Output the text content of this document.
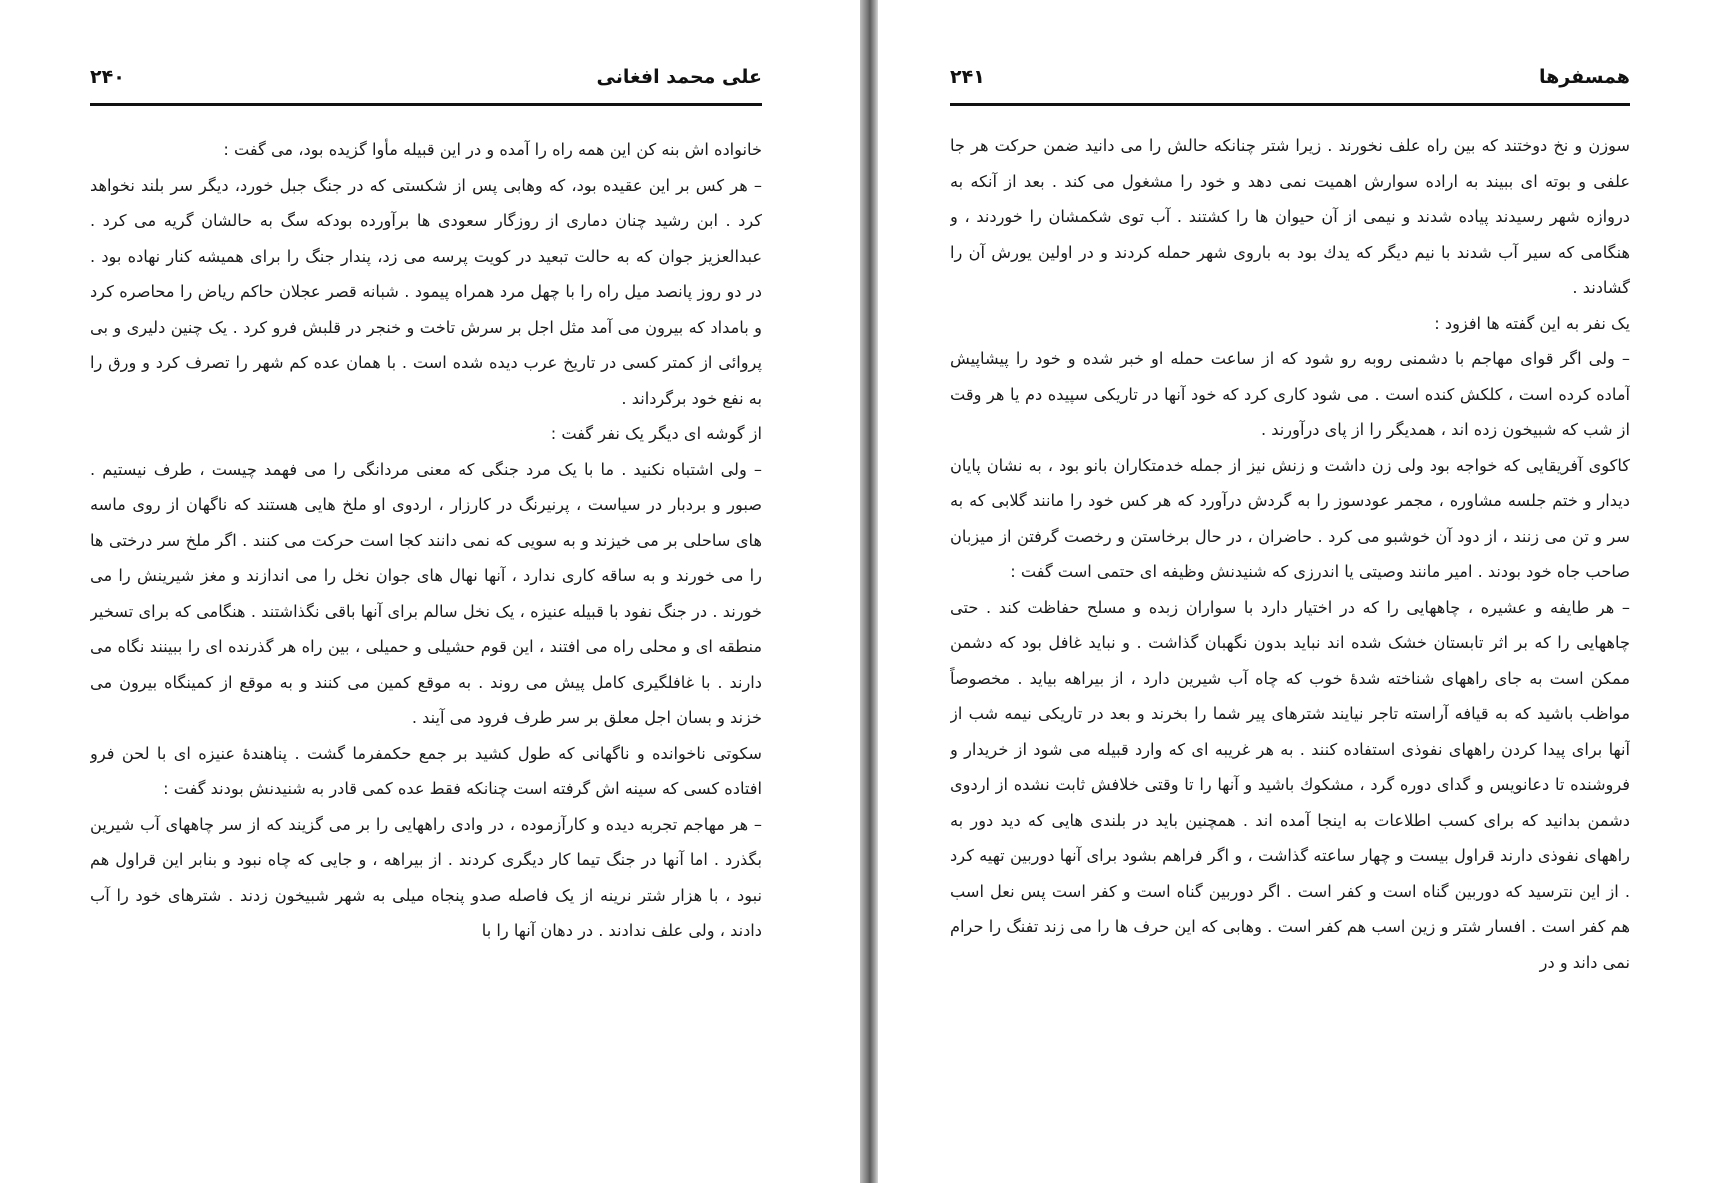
علی محمد افغانی
۲۴۰

خانواده اش بنه کن این همه راه را آمده و در این قبیله مأوا گزیده بود، می گفت :

– هر کس بر این عقیده بود، که وهابی پس از شکستی که در جنگ جبل خورد، دیگر سر بلند نخواهد کرد . ابن رشید چنان دماری از روزگار سعودی ها برآورده بودکه سگ به حالشان گریه می کرد . عبدالعزیز جوان که به حالت تبعید در کویت پرسه می زد، پندار جنگ را برای همیشه کنار نهاده بود . در دو روز پانصد میل راه را با چهل مرد همراه پیمود . شبانه قصر عجلان حاکم ریاض را محاصره کرد و بامداد که بیرون می آمد مثل اجل بر سرش تاخت و خنجر در قلبش فرو کرد . یک چنین دلیری و بی پروائی از کمتر کسی در تاریخ عرب دیده شده است . با همان عده کم شهر را تصرف کرد و ورق را به نفع خود برگرداند .

از گوشه ای دیگر یک نفر گفت :

– ولی اشتباه نکنید . ما با یک مرد جنگی که معنی مردانگی را می فهمد چیست ، طرف نیستیم . صبور و بردبار در سیاست ، پرنیرنگ در کارزار ، اردوی او ملخ هایی هستند که ناگهان از روی ماسه های ساحلی بر می خیزند و به سویی که نمی دانند کجا است حرکت می کنند . اگر ملخ سر درختی ها را می خورند و به ساقه کاری ندارد ، آنها نهال های جوان نخل را می اندازند و مغز شیرینش را می خورند . در جنگ نفود با قبیله عنیزه ، یک نخل سالم برای آنها باقی نگذاشتند . هنگامی که برای تسخیر منطقه ای و محلی راه می افتند ، این قوم حشیلی و حمیلی ، بین راه هر گذرنده ای را ببینند نگاه می دارند . با غافلگیری کامل پیش می روند . به موقع کمین می کنند و به موقع از کمینگاه بیرون می خزند و بسان اجل معلق بر سر طرف فرود می آیند .

سکوتی ناخوانده و ناگهانی که طول کشید بر جمع حکمفرما گشت . پناهندهٔ عنیزه ای با لحن فرو افتاده کسی که سینه اش گرفته است چنانکه فقط عده کمی قادر به شنیدنش بودند گفت :

– هر مهاجم تجربه دیده و کارآزموده ، در وادی راههایی را بر می گزیند که از سر چاههای آب شیرین بگذرد . اما آنها در جنگ تیما کار دیگری کردند . از بیراهه ، و جایی که چاه نبود و بنابر این قراول هم نبود ، با هزار شتر نرینه از یک فاصله صدو پنجاه میلی به شهر شبیخون زدند . شترهای خود را آب دادند ، ولی علف ندادند . در دهان آنها را با

همسفرها
۲۴۱

سوزن و نخ دوختند که بین راه علف نخورند . زیرا شتر چنانکه حالش را می دانید ضمن حرکت هر جا علفی و بوته ای ببیند به اراده سوارش اهمیت نمی دهد و خود را مشغول می کند . بعد از آنکه به دروازه شهر رسیدند پیاده شدند و نیمی از آن حیوان ها را کشتند . آب توی شکمشان را خوردند ، و هنگامی که سیر آب شدند با نیم دیگر که یدك بود به باروی شهر حمله کردند و در اولین یورش آن را گشادند .

یک نفر به این گفته ها افزود :

– ولی اگر قوای مهاجم با دشمنی روبه رو شود که از ساعت حمله او خبر شده و خود را پیشاپیش آماده کرده است ، کلکش کنده است . می شود کاری کرد که خود آنها در تاریکی سپیده دم یا هر وقت از شب که شبیخون زده اند ، همدیگر را از پای درآورند .

کاکوی آفریقایی که خواجه بود ولی زن داشت و زنش نیز از جمله خدمتکاران بانو بود ، به نشان پایان دیدار و ختم جلسه مشاوره ، مجمر عودسوز را به گردش درآورد که هر کس خود را مانند گلابی که به سر و تن می زنند ، از دود آن خوشبو می کرد . حاضران ، در حال برخاستن و رخصت گرفتن از میزبان صاحب جاه خود بودند . امیر مانند وصیتی یا اندرزی که شنیدنش وظیفه ای حتمی است گفت :

– هر طایفه و عشیره ، چاههایی را که در اختیار دارد با سواران زبده و مسلح حفاظت کند . حتی چاههایی را که بر اثر تابستان خشک شده اند نباید بدون نگهبان گذاشت . و نباید غافل بود که دشمن ممکن است به جای راههای شناخته شدهٔ خوب که چاه آب شیرین دارد ، از بیراهه بیاید . مخصوصاً مواظب باشید که به قیافه آراسته تاجر نیایند شترهای پیر شما را بخرند و بعد در تاریکی نیمه شب از آنها برای پیدا کردن راههای نفوذی استفاده کنند . به هر غریبه ای که وارد قبیله می شود از خریدار و فروشنده تا دعانویس و گدای دوره گرد ، مشکوك باشید و آنها را تا وقتی خلافش ثابت نشده از اردوی دشمن بدانید که برای کسب اطلاعات به اینجا آمده اند . همچنین باید در بلندی هایی که دید دور به راههای نفوذی دارند قراول بیست و چهار ساعته گذاشت ، و اگر فراهم بشود برای آنها دوربین تهیه کرد . از این نترسید که دوربین گناه است و کفر است . اگر دوربین گناه است و کفر است پس نعل اسب هم کفر است . افسار شتر و زین اسب هم کفر است . وهابی که این حرف ها را می زند تفنگ را حرام نمی داند و در
